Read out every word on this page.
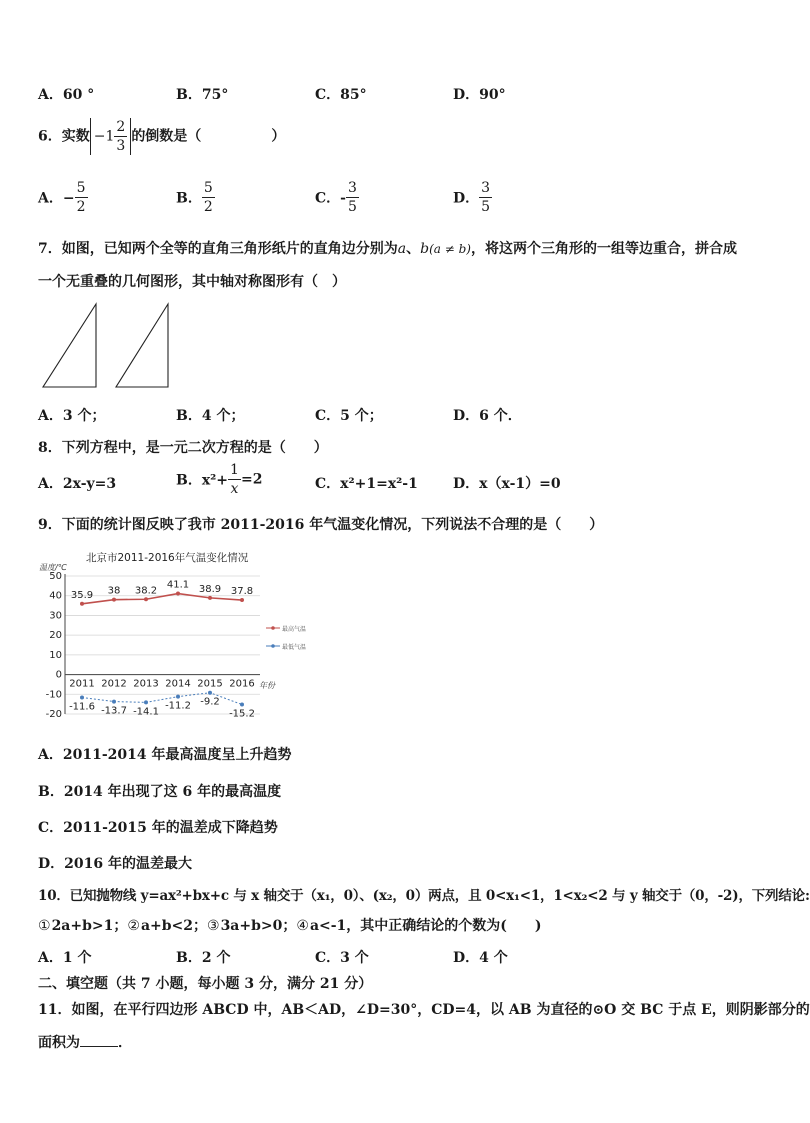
A．60 °	B．75°	C．85°	D．90°
6．实数 $-1 \frac{2}{3}$ 的倒数是（	）
A．− $\frac{5}{2}$	B． $\frac{5}{2}$	C．- $\frac{3}{5}$	D． $\frac{3}{5}$
7．如图，已知两个全等的直角三角形纸片的直角边分别为a、b(a ≠ b)，将这两个三角形的一组等边重合，拼合成
一个无重叠的几何图形，其中轴对称图形有（　）
A．3 个；	B．4 个；	C．5 个；	D．6 个．
8．下列方程中，是一元二次方程的是（　　）
A．2x-y=3	B．$x^2+ \frac{1}{x} =2$	C．x²+1=x²-1	D．x（x-1）=0
9．下面的统计图反映了我市 2011-2016 年气温变化情况，下列说法不合理的是（　　）
北京市2011-2016年气温变化情况
温度/℃
年份
50
40
30
20
10
0
-10
-20
2011 2012 2013 2014 2015 2016
35.9 38 38.2
41.1 38.9 37.8
-11.6 -13.7 -14.1
-11.2 -9.2
-15.2
最高气温
最低气温
A．2011-2014 年最高温度呈上升趋势
B．2014 年出现了这 6 年的最高温度
C．2011-2015 年的温差成下降趋势
D．2016 年的温差最大
10．已知抛物线 y=ax²+bx+c 与 x 轴交于（x₁，0）、(x₂，0）两点，且 0<x₁<1，1<x₂<2 与 y 轴交于（0，-2)，下列结论:
①2a+b>1；②a+b<2；③3a+b>0；④a<-1，其中正确结论的个数为(　　)
A．1 个	B．2 个	C．3 个	D．4 个
二、填空题（共 7 小题，每小题 3 分，满分 21 分）
11．如图，在平行四边形 ABCD 中，AB＜AD，∠D=30°，CD=4，以 AB 为直径的⊙O 交 BC 于点 E，则阴影部分的
面积为	．
